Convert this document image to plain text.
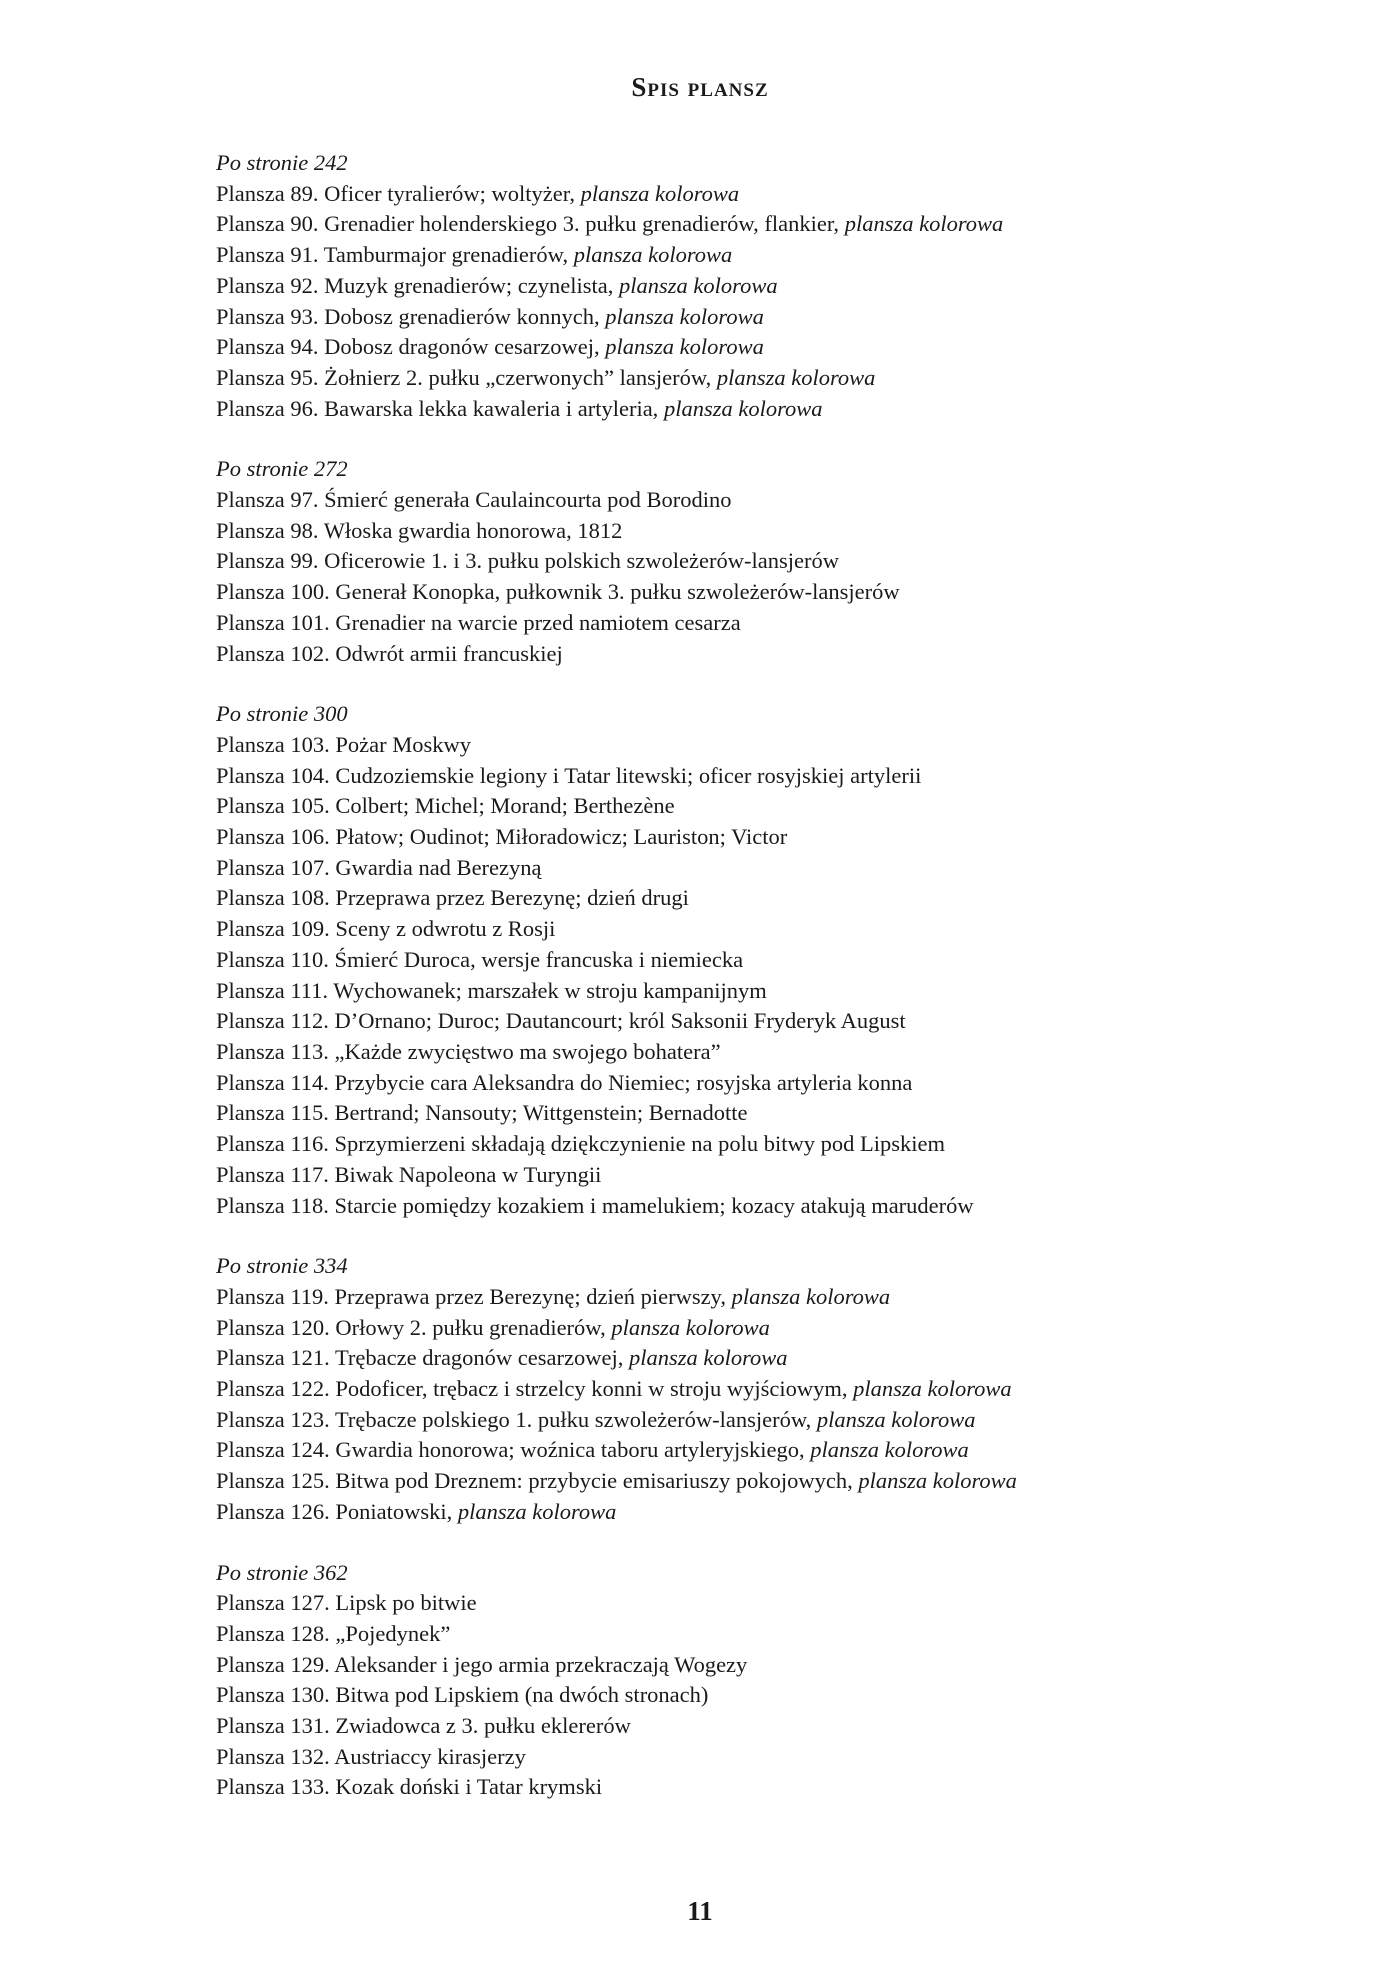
Spis plansz
Po stronie 242
Plansza 89. Oficer tyralierów; woltyżer, plansza kolorowa
Plansza 90. Grenadier holenderskiego 3. pułku grenadierów, flankier, plansza kolorowa
Plansza 91. Tamburmajor grenadierów, plansza kolorowa
Plansza 92. Muzyk grenadierów; czynelista, plansza kolorowa
Plansza 93. Dobosz grenadierów konnych, plansza kolorowa
Plansza 94. Dobosz dragonów cesarzowej, plansza kolorowa
Plansza 95. Żołnierz 2. pułku „czerwonych” lansjerów, plansza kolorowa
Plansza 96. Bawarska lekka kawaleria i artyleria, plansza kolorowa
Po stronie 272
Plansza 97. Śmierć generała Caulaincourta pod Borodino
Plansza 98. Włoska gwardia honorowa, 1812
Plansza 99. Oficerowie 1. i 3. pułku polskich szwoleżerów-lansjerów
Plansza 100. Generał Konopka, pułkownik 3. pułku szwoleżerów-lansjerów
Plansza 101. Grenadier na warcie przed namiotem cesarza
Plansza 102. Odwrót armii francuskiej
Po stronie 300
Plansza 103. Pożar Moskwy
Plansza 104. Cudzoziemskie legiony i Tatar litewski; oficer rosyjskiej artylerii
Plansza 105. Colbert; Michel; Morand; Berthezène
Plansza 106. Płatow; Oudinot; Miłoradowicz; Lauriston; Victor
Plansza 107. Gwardia nad Berezyną
Plansza 108. Przeprawa przez Berezynę; dzień drugi
Plansza 109. Sceny z odwrotu z Rosji
Plansza 110. Śmierć Duroca, wersje francuska i niemiecka
Plansza 111. Wychowanek; marszałek w stroju kampanijnym
Plansza 112. D’Ornano; Duroc; Dautancourt; król Saksonii Fryderyk August
Plansza 113. „Każde zwycięstwo ma swojego bohatera”
Plansza 114. Przybycie cara Aleksandra do Niemiec; rosyjska artyleria konna
Plansza 115. Bertrand; Nansouty; Wittgenstein; Bernadotte
Plansza 116. Sprzymierzeni składają dziękczynienie na polu bitwy pod Lipskiem
Plansza 117. Biwak Napoleona w Turyngii
Plansza 118. Starcie pomiędzy kozakiem i mamelukiem; kozacy atakują maruderów
Po stronie 334
Plansza 119. Przeprawa przez Berezynę; dzień pierwszy, plansza kolorowa
Plansza 120. Orłowy 2. pułku grenadierów, plansza kolorowa
Plansza 121. Trębacze dragonów cesarzowej, plansza kolorowa
Plansza 122. Podoficer, trębacz i strzelcy konni w stroju wyjściowym, plansza kolorowa
Plansza 123. Trębacze polskiego 1. pułku szwoleżerów-lansjerów, plansza kolorowa
Plansza 124. Gwardia honorowa; woźnica taboru artyleryjskiego, plansza kolorowa
Plansza 125. Bitwa pod Dreznem: przybycie emisariuszy pokojowych, plansza kolorowa
Plansza 126. Poniatowski, plansza kolorowa
Po stronie 362
Plansza 127. Lipsk po bitwie
Plansza 128. „Pojedynek”
Plansza 129. Aleksander i jego armia przekraczają Wogezy
Plansza 130. Bitwa pod Lipskiem (na dwóch stronach)
Plansza 131. Zwiadowca z 3. pułku eklererów
Plansza 132. Austriaccy kirasjerzy
Plansza 133. Kozak doński i Tatar krymski
11
